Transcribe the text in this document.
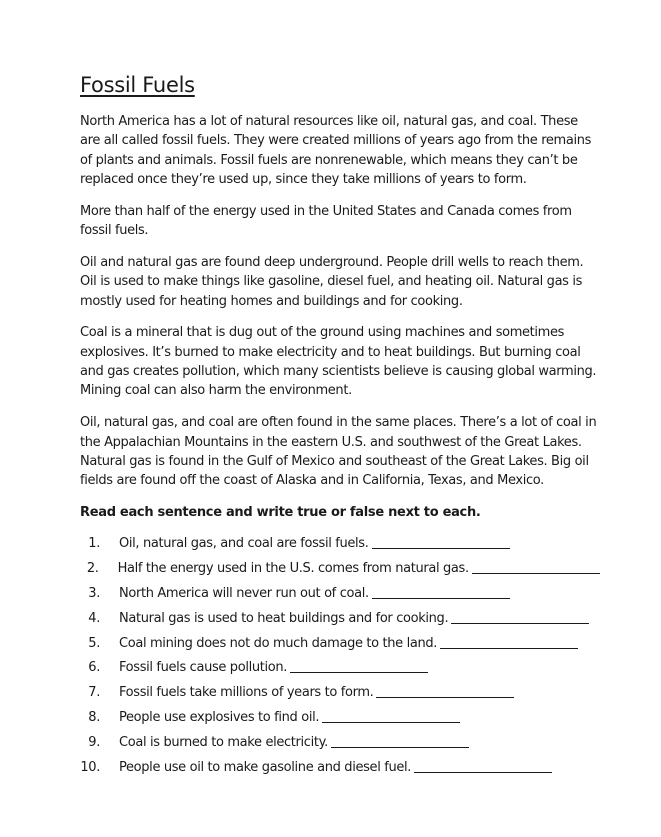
Fossil Fuels

North America has a lot of natural resources like oil, natural gas, and coal. These are all called fossil fuels. They were created millions of years ago from the remains of plants and animals. Fossil fuels are nonrenewable, which means they can’t be replaced once they’re used up, since they take millions of years to form.

More than half of the energy used in the United States and Canada comes from fossil fuels.

Oil and natural gas are found deep underground. People drill wells to reach them. Oil is used to make things like gasoline, diesel fuel, and heating oil. Natural gas is mostly used for heating homes and buildings and for cooking.

Coal is a mineral that is dug out of the ground using machines and sometimes explosives. It’s burned to make electricity and to heat buildings. But burning coal and gas creates pollution, which many scientists believe is causing global warming. Mining coal can also harm the environment.

Oil, natural gas, and coal are often found in the same places. There’s a lot of coal in the Appalachian Mountains in the eastern U.S. and southwest of the Great Lakes. Natural gas is found in the Gulf of Mexico and southeast of the Great Lakes. Big oil fields are found off the coast of Alaska and in California, Texas, and Mexico.

Read each sentence and write true or false next to each.

1. Oil, natural gas, and coal are fossil fuels.
2. Half the energy used in the U.S. comes from natural gas.
3. North America will never run out of coal.
4. Natural gas is used to heat buildings and for cooking.
5. Coal mining does not do much damage to the land.
6. Fossil fuels cause pollution.
7. Fossil fuels take millions of years to form.
8. People use explosives to find oil.
9. Coal is burned to make electricity.
10. People use oil to make gasoline and diesel fuel.
